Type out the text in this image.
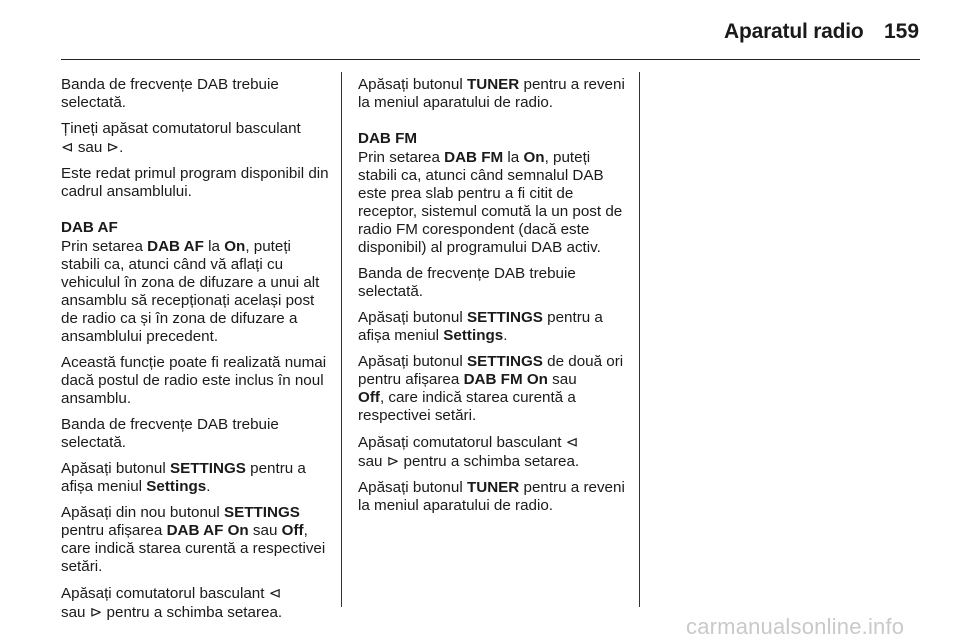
Aparatul radio 159

Banda de frecvențe DAB trebuie selectată.

Țineți apăsat comutatorul basculant
⊲ sau ⊳.

Este redat primul program disponibil din cadrul ansamblului.

DAB AF

Prin setarea DAB AF la On, puteți stabili ca, atunci când vă aflați cu vehiculul în zona de difuzare a unui alt ansamblu să recepționați același post de radio ca și în zona de difuzare a ansamblului precedent.

Această funcție poate fi realizată numai dacă postul de radio este inclus în noul ansamblu.

Banda de frecvențe DAB trebuie selectată.

Apăsați butonul SETTINGS pentru a afișa meniul Settings.

Apăsați din nou butonul SETTINGS pentru afișarea DAB AF On sau Off, care indică starea curentă a respectivei setări.

Apăsați comutatorul basculant ⊲
sau ⊳ pentru a schimba setarea.

Apăsați butonul TUNER pentru a reveni la meniul aparatului de radio.

DAB FM

Prin setarea DAB FM la On, puteți stabili ca, atunci când semnalul DAB este prea slab pentru a fi citit de receptor, sistemul comută la un post de radio FM corespondent (dacă este disponibil) al programului DAB activ.

Banda de frecvențe DAB trebuie selectată.

Apăsați butonul SETTINGS pentru a afișa meniul Settings.

Apăsați butonul SETTINGS de două ori pentru afișarea DAB FM On sau
Off, care indică starea curentă a respectivei setări.

Apăsați comutatorul basculant ⊲
sau ⊳ pentru a schimba setarea.

Apăsați butonul TUNER pentru a reveni la meniul aparatului de radio.

carmanualsonline.info
